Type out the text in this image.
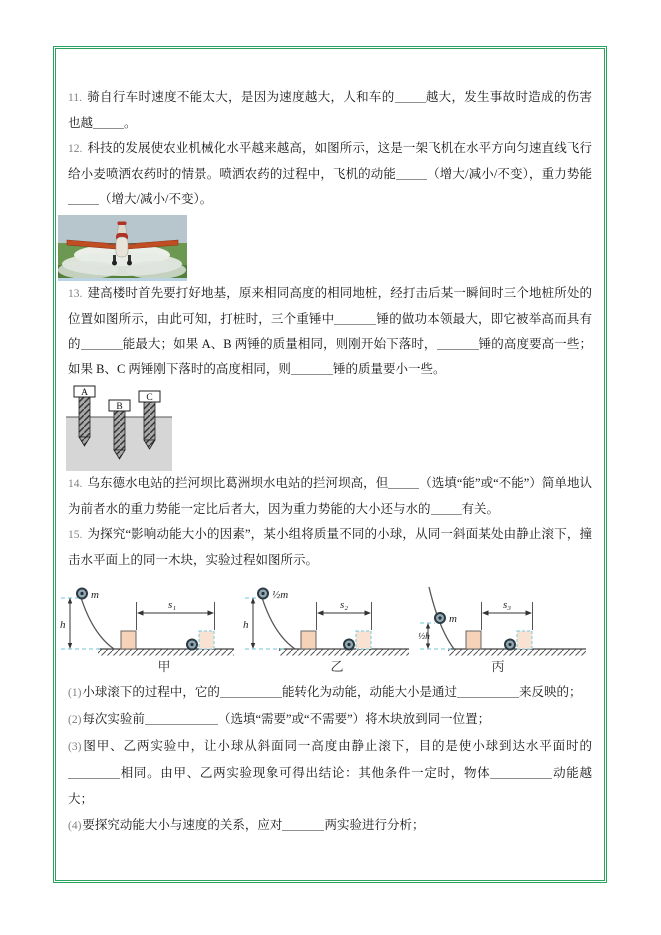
11. 骑自行车时速度不能太大，是因为速度越大，人和车的 越大，发生事故时造成的伤害也越 。

12. 科技的发展使农业机械化水平越来越高，如图所示，这是一架飞机在水平方向匀速直线飞行给小麦喷洒农药时的情景。喷洒农药的过程中，飞机的动能 （增大/减小/不变），重力势能（增大/减小/不变）。

13. 建高楼时首先要打好地基，原来相同高度的相同地桩，经打击后某一瞬间时三个地桩所处的位置如图所示，由此可知，打桩时，三个重锤中	锤的做功本领最大，即它被举高而具有的	能最大；如果 A、B 两锤的质量相同，则刚开始下落时，	锤的高度要高一些；如果 B、C 两锤刚下落时的高度相同，则	锤的质量要小一些。

A
B
C

14. 乌东德水电站的拦河坝比葛洲坝水电站的拦河坝高，但 （选填“能”或“不能”）简单地认为前者水的重力势能一定比后者大，因为重力势能的大小还与水的 有关。

15. 为探究“影响动能大小的因素”，某小组将质量不同的小球，从同一斜面某处由静止滚下，撞击水平面上的同一木块，实验过程如图所示。

h
m
s₁
甲
h
½m
s₂
乙
½h
m
s₃
丙

(1)小球滚下的过程中，它的	能转化为动能，动能大小是通过	来反映的；

(2)每次实验前	（选填“需要”或“不需要”）将木块放到同一位置；

(3)图甲、乙两实验中，让小球从斜面同一高度由静止滚下，目的是使小球到达水平面时的相同。由甲、乙两实验现象可得出结论：其他条件一定时，物体	动能越大；

(4)要探究动能大小与速度的关系，应对	两实验进行分析；
